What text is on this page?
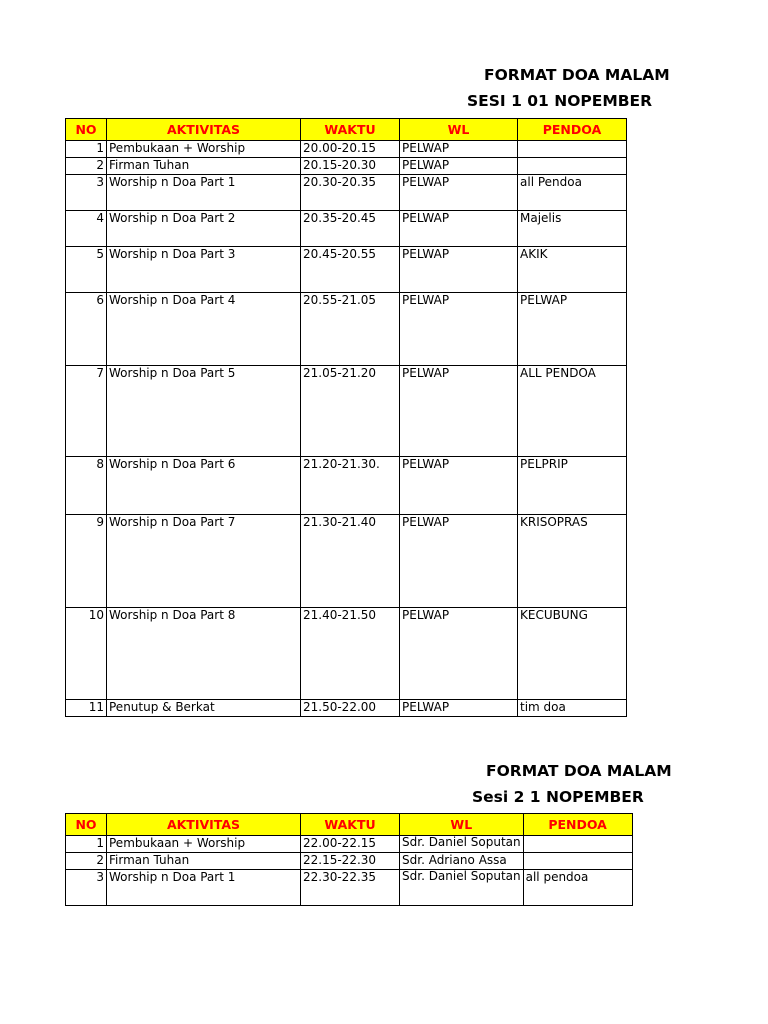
FORMAT DOA MALAM
SESI 1 01 NOPEMBER
NO	AKTIVITAS	WAKTU	WL	PENDOA
1	Pembukaan + Worship	20.00-20.15	PELWAP	
2	Firman Tuhan	20.15-20.30	PELWAP	
3	Worship n Doa Part 1	20.30-20.35	PELWAP	all Pendoa
4	Worship n Doa Part 2	20.35-20.45	PELWAP	Majelis
5	Worship n Doa Part 3	20.45-20.55	PELWAP	AKIK
6	Worship n Doa Part 4	20.55-21.05	PELWAP	PELWAP
7	Worship n Doa Part 5	21.05-21.20	PELWAP	ALL PENDOA
8	Worship n Doa Part 6	21.20-21.30.	PELWAP	PELPRIP
9	Worship n Doa Part 7	21.30-21.40	PELWAP	KRISOPRAS
10	Worship n Doa Part 8	21.40-21.50	PELWAP	KECUBUNG
11	Penutup & Berkat	21.50-22.00	PELWAP	tim doa
FORMAT DOA MALAM
Sesi 2 1 NOPEMBER
NO	AKTIVITAS	WAKTU	WL	PENDOA
1	Pembukaan + Worship	22.00-22.15	Sdr. Daniel Soputan	
2	Firman Tuhan	22.15-22.30	Sdr. Adriano Assa	
3	Worship n Doa Part 1	22.30-22.35	Sdr. Daniel Soputan	all pendoa
